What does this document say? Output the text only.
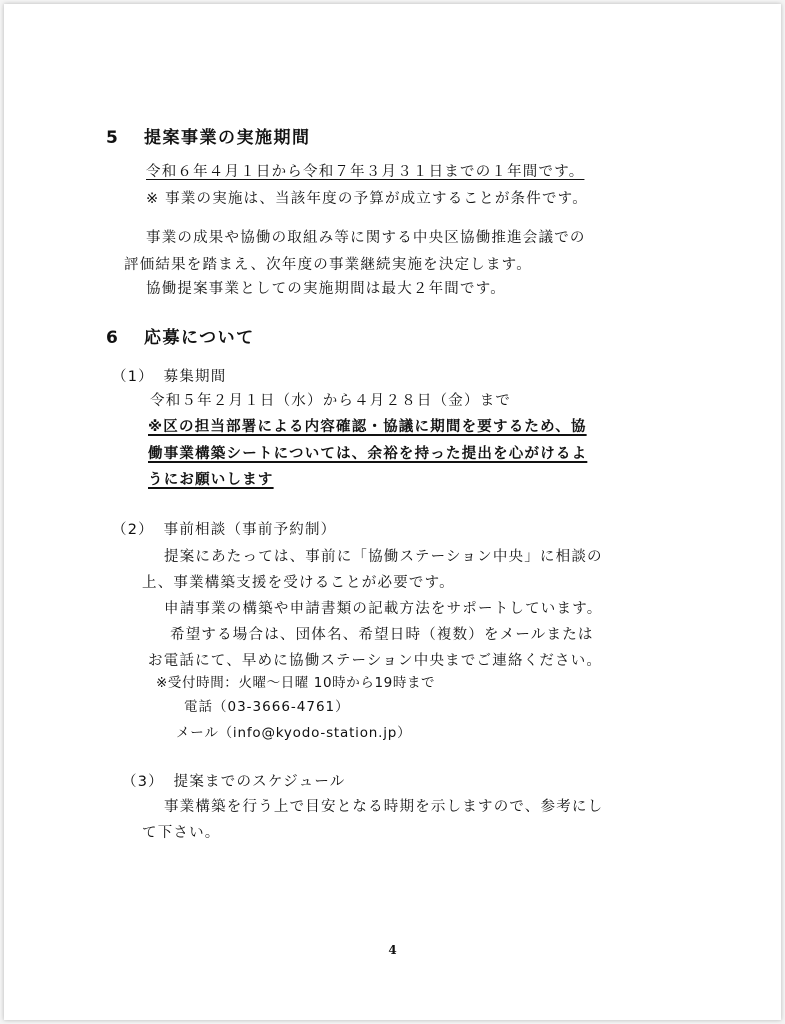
5 提案事業の実施期間
令和６年４月１日から令和７年３月３１日までの１年間です。
※ 事業の実施は、当該年度の予算が成立することが条件です。
事業の成果や協働の取組み等に関する中央区協働推進会議での
評価結果を踏まえ、次年度の事業継続実施を決定します。
協働提案事業としての実施期間は最大２年間です。
6 応募について
（1） 募集期間
令和５年２月１日（水）から４月２８日（金）まで
※区の担当部署による内容確認・協議に期間を要するため、協
働事業構築シートについては、余裕を持った提出を心がけるよ
うにお願いします
（2） 事前相談（事前予約制）
提案にあたっては、事前に「協働ステーション中央」に相談の
上、事業構築支援を受けることが必要です。
申請事業の構築や申請書類の記載方法をサポートしています。
希望する場合は、団体名、希望日時（複数）をメールまたは
お電話にて、早めに協働ステーション中央までご連絡ください。
※受付時間：火曜～日曜 10時から19時まで
電話（03-3666-4761）
メール（info@kyodo-station.jp）
（3） 提案までのスケジュール
事業構築を行う上で目安となる時期を示しますので、参考にし
て下さい。
4
